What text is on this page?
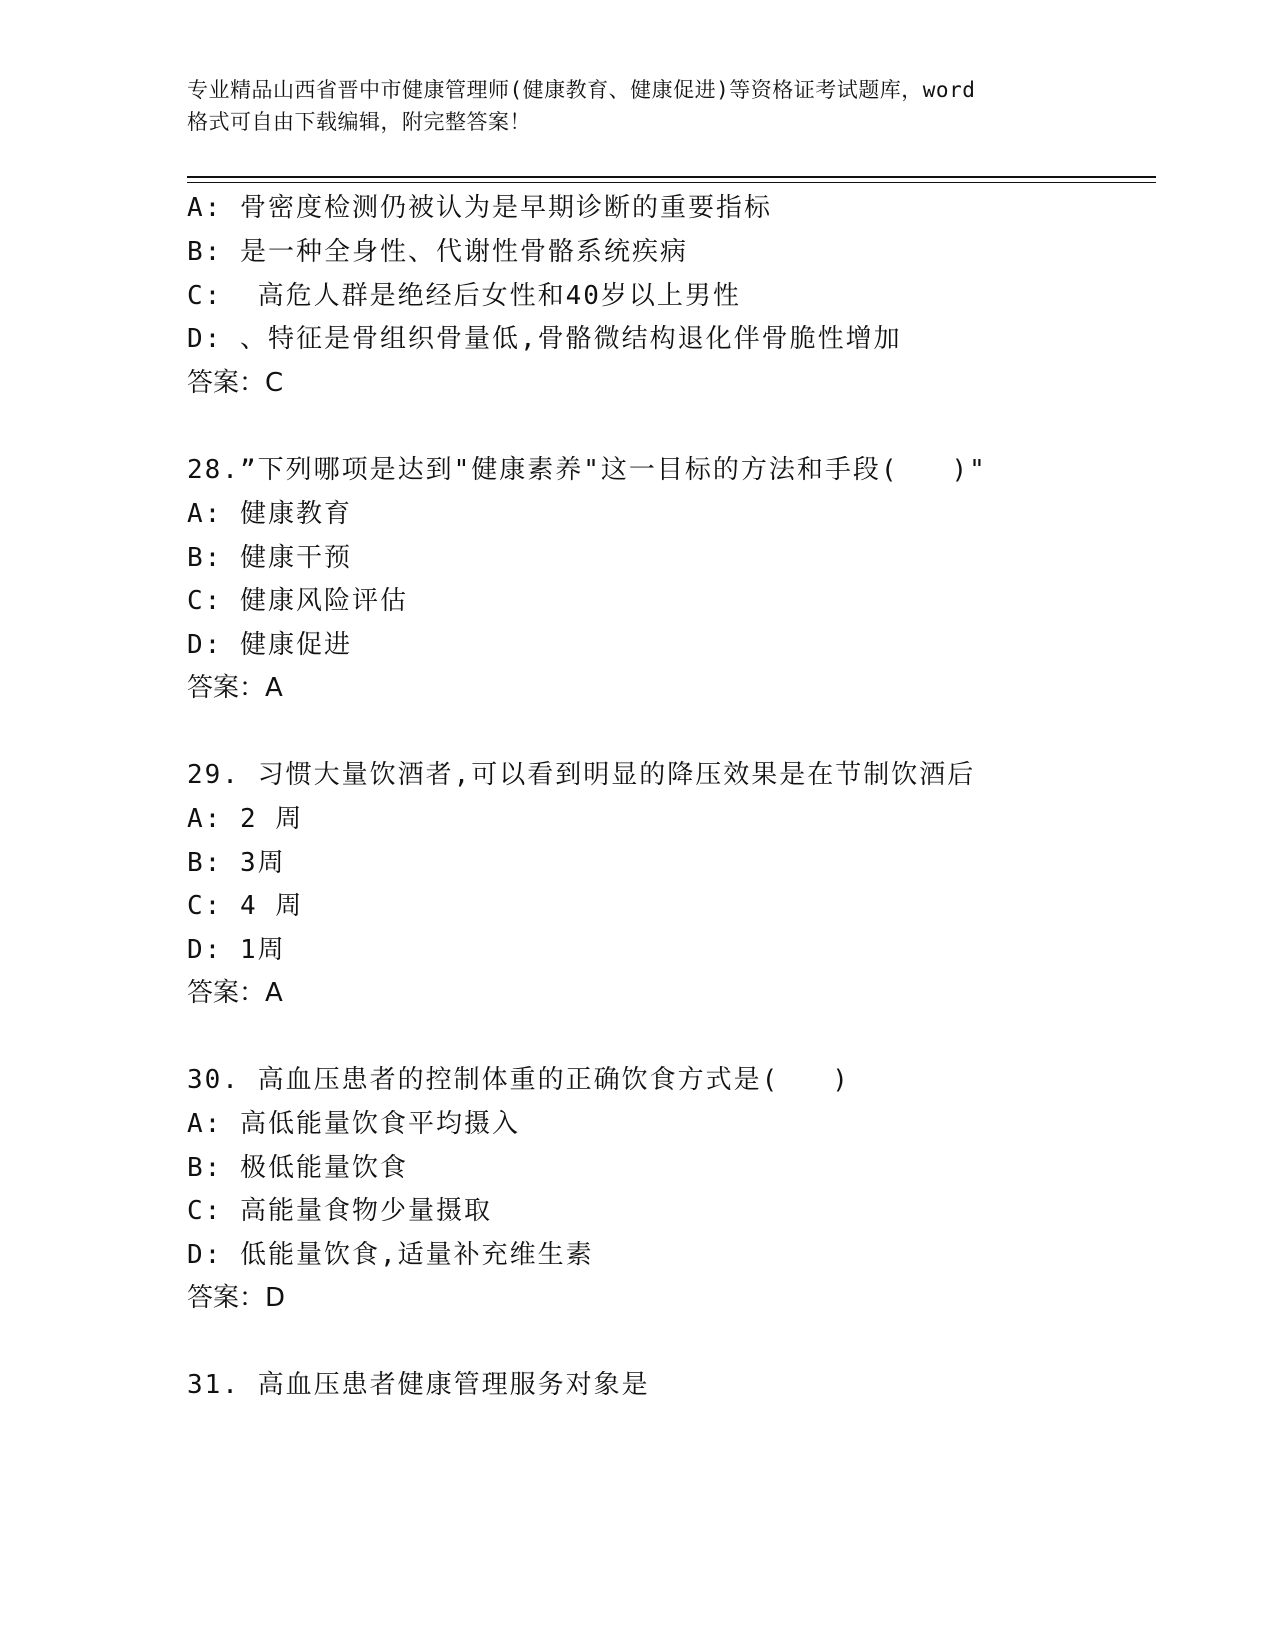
专业精品山西省晋中市健康管理师(健康教育、健康促进)等资格证考试题库，word
格式可自由下载编辑，附完整答案！
A: 骨密度检测仍被认为是早期诊断的重要指标
B: 是一种全身性、代谢性骨骼系统疾病
C:  高危人群是绝经后女性和40岁以上男性
D: 、特征是骨组织骨量低,骨骼微结构退化伴骨脆性增加
答案：C
28.”下列哪项是达到"健康素养"这一目标的方法和手段(   )"
A: 健康教育
B: 健康干预
C: 健康风险评估
D: 健康促进
答案：A
29. 习惯大量饮酒者,可以看到明显的降压效果是在节制饮酒后
A: 2 周
B: 3周
C: 4 周
D: 1周
答案：A
30. 高血压患者的控制体重的正确饮食方式是(   )
A: 高低能量饮食平均摄入
B: 极低能量饮食
C: 高能量食物少量摄取
D: 低能量饮食,适量补充维生素
答案：D
31. 高血压患者健康管理服务对象是
